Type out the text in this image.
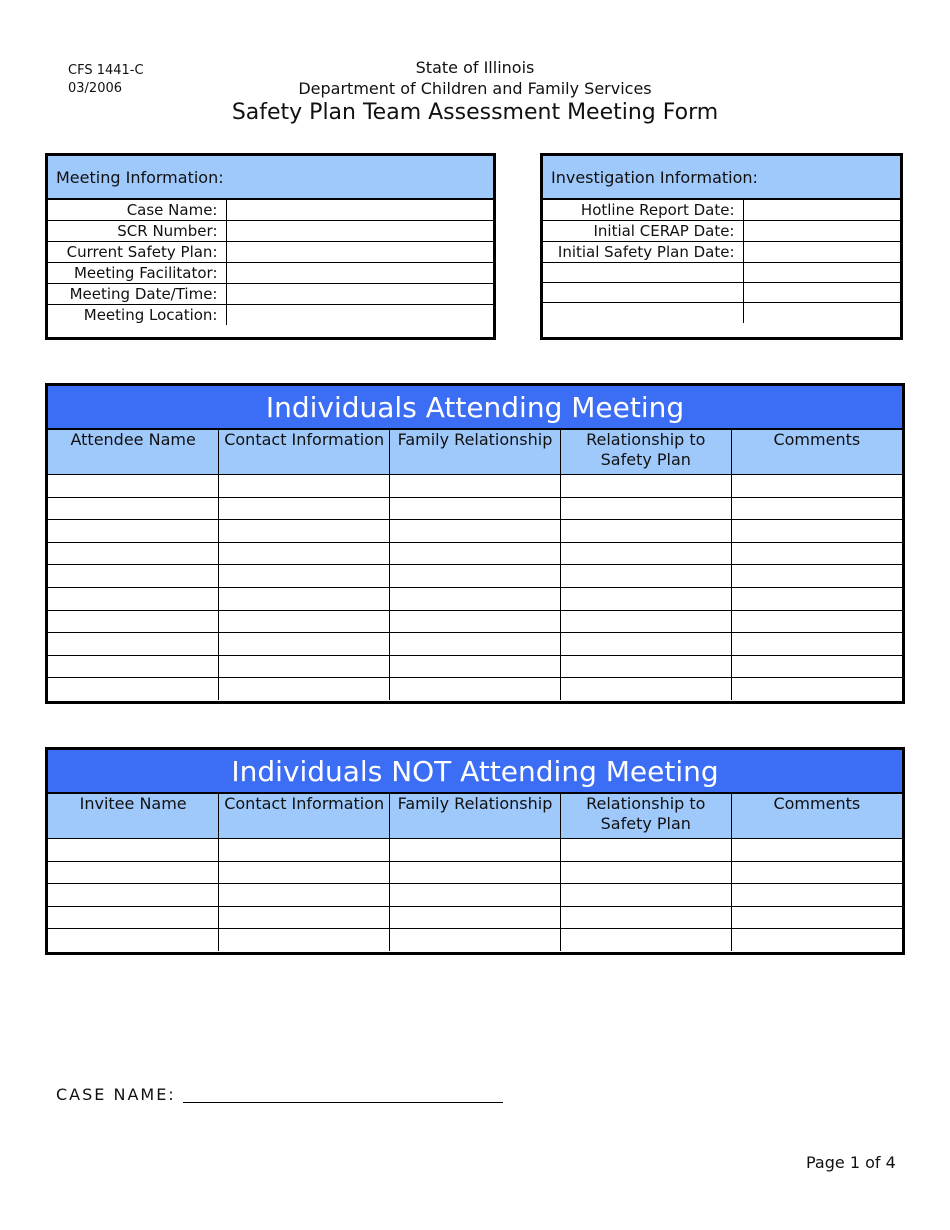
CFS 1441-C
03/2006
State of Illinois
Department of Children and Family Services
Safety Plan Team Assessment Meeting Form
Meeting Information:
Case Name:	
SCR Number:	
Current Safety Plan:	
Meeting Facilitator:	
Meeting Date/Time:	
Meeting Location:	
Investigation Information:
Hotline Report Date:	
Initial CERAP Date:	
Initial Safety Plan Date:	

Individuals Attending Meeting
Attendee Name	Contact Information	Family Relationship	Relationship to Safety Plan	Comments

Individuals NOT Attending Meeting
Invitee Name	Contact Information	Family Relationship	Relationship to Safety Plan	Comments

CASE NAME:
Page 1 of 4
